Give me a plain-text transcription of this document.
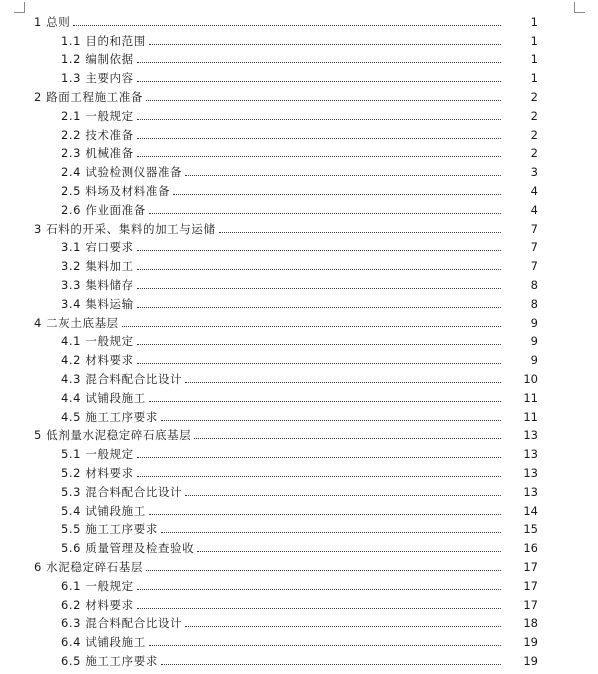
1 总则	1
1.1 目的和范围	1
1.2 编制依据	1
1.3 主要内容	1
2 路面工程施工准备	2
2.1 一般规定	2
2.2 技术准备	2
2.3 机械准备	2
2.4 试验检测仪器准备	3
2.5 料场及材料准备	4
2.6 作业面准备	4
3 石料的开采、集料的加工与运储	7
3.1 宕口要求	7
3.2 集料加工	7
3.3 集料储存	8
3.4 集料运输	8
4 二灰土底基层	9
4.1 一般规定	9
4.2 材料要求	9
4.3 混合料配合比设计	10
4.4 试铺段施工	11
4.5 施工工序要求	11
5 低剂量水泥稳定碎石底基层	13
5.1 一般规定	13
5.2 材料要求	13
5.3 混合料配合比设计	13
5.4 试铺段施工	14
5.5 施工工序要求	15
5.6 质量管理及检查验收	16
6 水泥稳定碎石基层	17
6.1 一般规定	17
6.2 材料要求	17
6.3 混合料配合比设计	18
6.4 试铺段施工	19
6.5 施工工序要求	19
